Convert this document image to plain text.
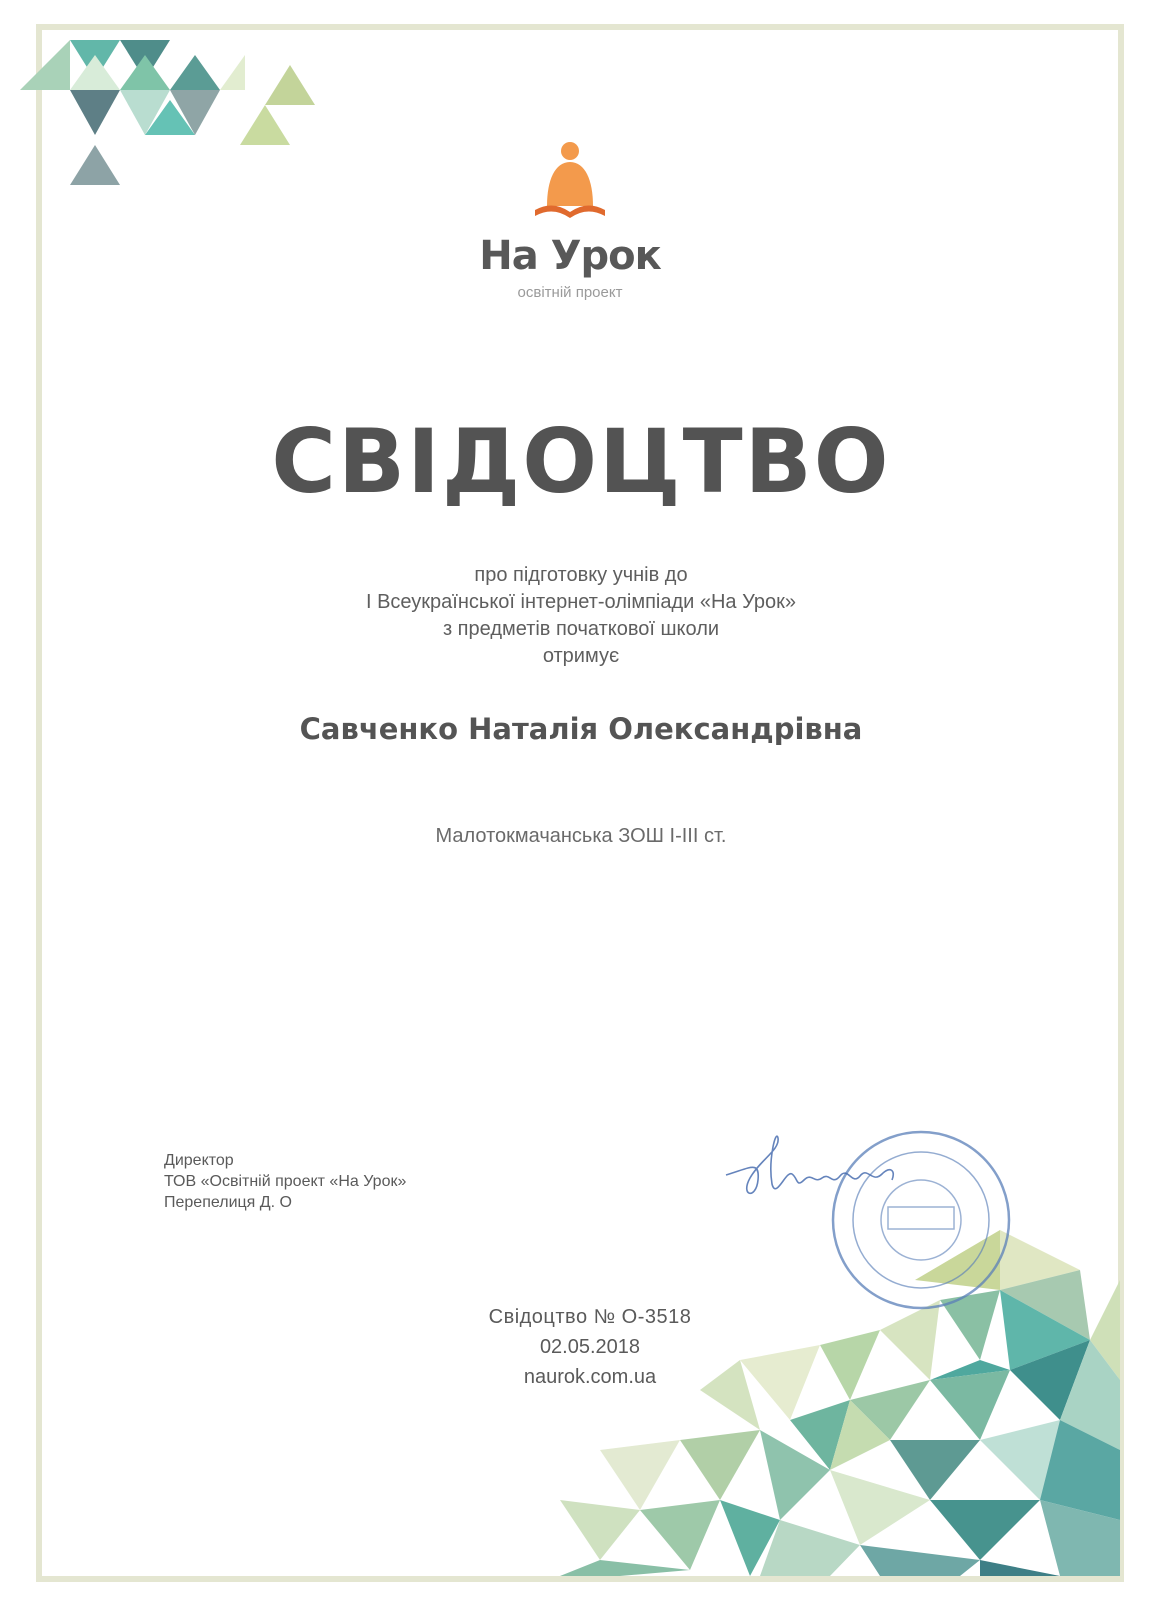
На Урок
освітній проект
СВІДОЦТВО
про підготовку учнів до
І Всеукраїнської інтернет-олімпіади «На Урок»
з предметів початкової школи
отримує
Савченко Наталія Олександрівна
Малотокмачанська ЗОШ І-ІІІ ст.
Директор
ТОВ «Освітній проект «На Урок»
Перепелиця Д. О
Свідоцтво № О-3518
02.05.2018
naurok.com.ua
